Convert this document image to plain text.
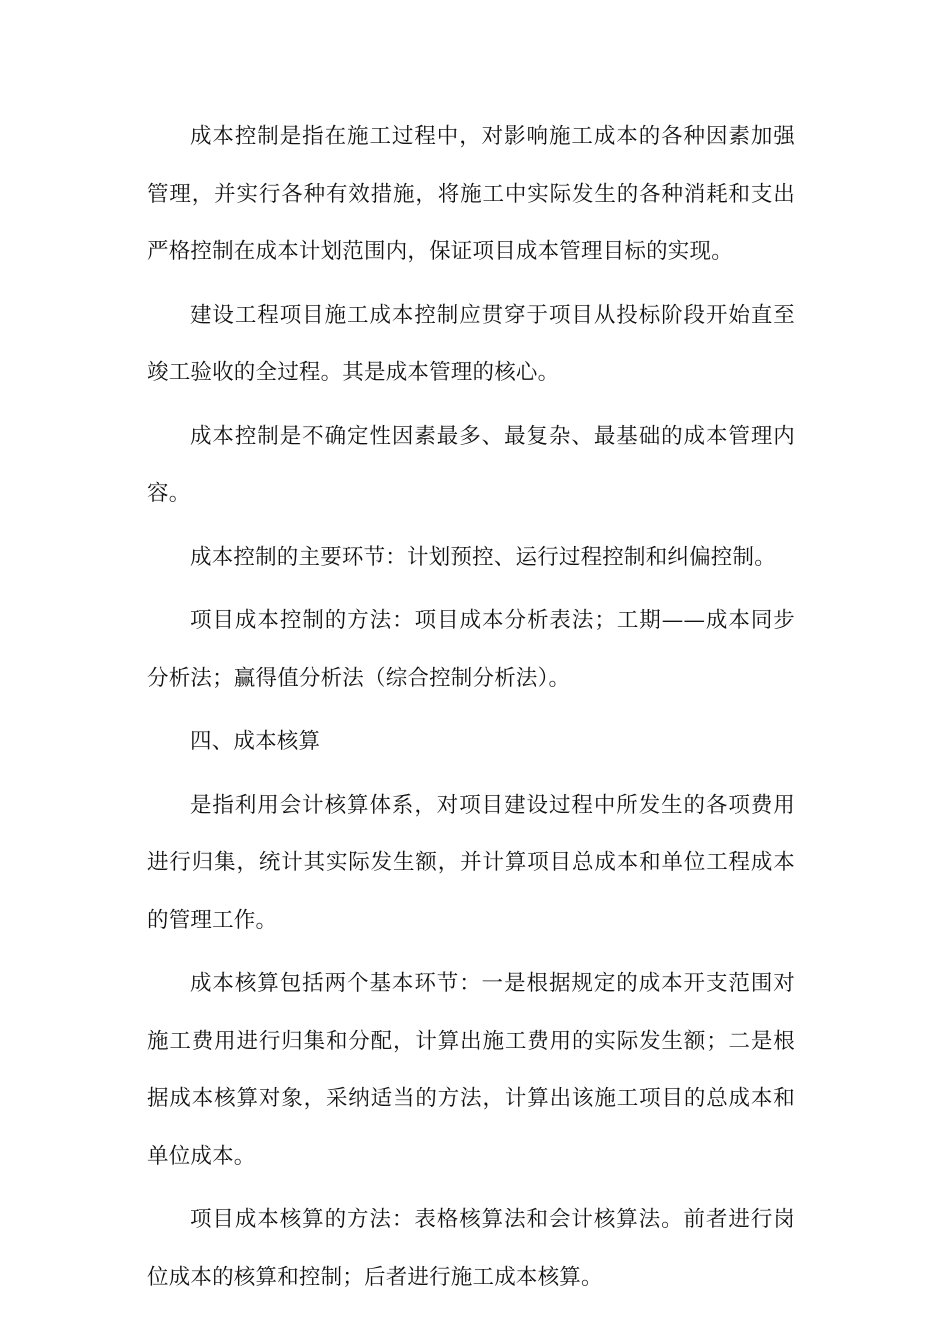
成本控制是指在施工过程中，对影响施工成本的各种因素加强管理，并实行各种有效措施，将施工中实际发生的各种消耗和支出严格控制在成本计划范围内，保证项目成本管理目标的实现。

建设工程项目施工成本控制应贯穿于项目从投标阶段开始直至竣工验收的全过程。其是成本管理的核心。

成本控制是不确定性因素最多、最复杂、最基础的成本管理内容。

成本控制的主要环节：计划预控、运行过程控制和纠偏控制。

项目成本控制的方法：项目成本分析表法；工期——成本同步分析法；赢得值分析法（综合控制分析法）。

四、成本核算

是指利用会计核算体系，对项目建设过程中所发生的各项费用进行归集，统计其实际发生额，并计算项目总成本和单位工程成本的管理工作。

成本核算包括两个基本环节：一是根据规定的成本开支范围对施工费用进行归集和分配，计算出施工费用的实际发生额；二是根据成本核算对象，采纳适当的方法，计算出该施工项目的总成本和单位成本。

项目成本核算的方法：表格核算法和会计核算法。前者进行岗位成本的核算和控制；后者进行施工成本核算。
